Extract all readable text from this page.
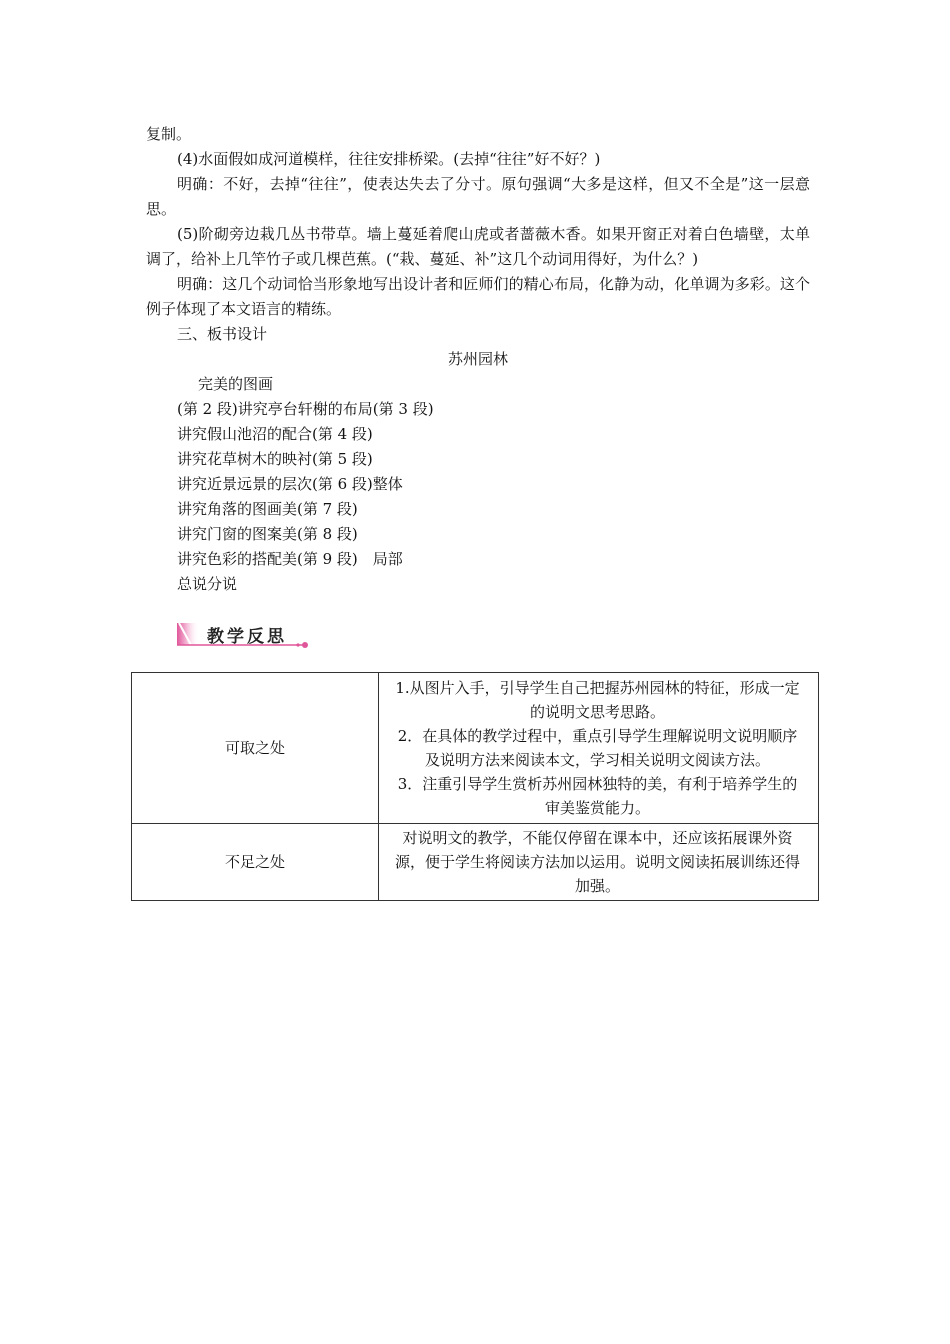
复制。

(4)水面假如成河道模样，往往安排桥梁。(去掉“往往”好不好？)

明确：不好，去掉“往往”，使表达失去了分寸。原句强调“大多是这样，但又不全是”这一层意思。

(5)阶砌旁边栽几丛书带草。墙上蔓延着爬山虎或者蔷薇木香。如果开窗正对着白色墙壁，太单调了，给补上几竿竹子或几棵芭蕉。(“栽、蔓延、补”这几个动词用得好，为什么？)

明确：这几个动词恰当形象地写出设计者和匠师们的精心布局，化静为动，化单调为多彩。这个例子体现了本文语言的精练。

三、板书设计

苏州园林

完美的图画

(第 2 段)讲究亭台轩榭的布局(第 3 段)

讲究假山池沼的配合(第 4 段)

讲究花草树木的映衬(第 5 段)

讲究近景远景的层次(第 6 段)整体

讲究角落的图画美(第 7 段)

讲究门窗的图案美(第 8 段)

讲究色彩的搭配美(第 9 段)　局部

总说分说

教学反思
可取之处	1.从图片入手，引导学生自己把握苏州园林的特征，形成一定的说明文思考思路。

2．在具体的教学过程中，重点引导学生理解说明文说明顺序及说明方法来阅读本文，学习相关说明文阅读方法。

3．注重引导学生赏析苏州园林独特的美，有利于培养学生的审美鉴赏能力。

不足之处	对说明文的教学，不能仅停留在课本中，还应该拓展课外资源，便于学生将阅读方法加以运用。说明文阅读拓展训练还得加强。
